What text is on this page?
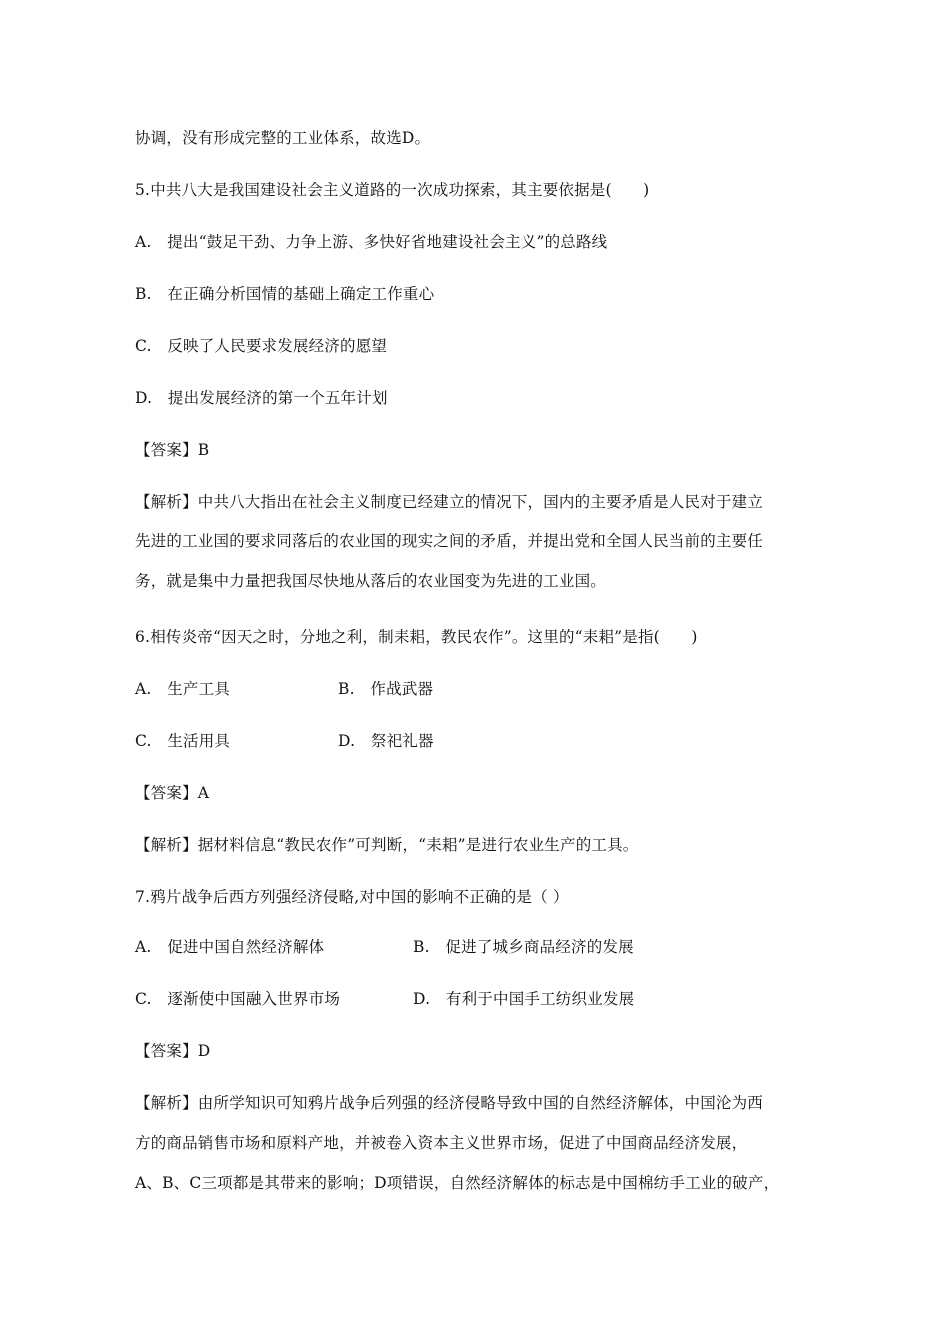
协调，没有形成完整的工业体系，故选D。
5.中共八大是我国建设社会主义道路的一次成功探索，其主要依据是(　　)
A.　提出“鼓足干劲、力争上游、多快好省地建设社会主义”的总路线
B.　在正确分析国情的基础上确定工作重心
C.　反映了人民要求发展经济的愿望
D.　提出发展经济的第一个五年计划
【答案】B
【解析】中共八大指出在社会主义制度已经建立的情况下，国内的主要矛盾是人民对于建立
先进的工业国的要求同落后的农业国的现实之间的矛盾，并提出党和全国人民当前的主要任
务，就是集中力量把我国尽快地从落后的农业国变为先进的工业国。
6.相传炎帝“因天之时，分地之利，制耒耜，教民农作”。这里的“耒耜”是指(　　)
A.　生产工具	B.　作战武器
C.　生活用具	D.　祭祀礼器
【答案】A
【解析】据材料信息“教民农作”可判断，“耒耜”是进行农业生产的工具。
7.鸦片战争后西方列强经济侵略,对中国的影响不正确的是（ ）
A.　促进中国自然经济解体	B.　促进了城乡商品经济的发展
C.　逐渐使中国融入世界市场	D.　有利于中国手工纺织业发展
【答案】D
【解析】由所学知识可知鸦片战争后列强的经济侵略导致中国的自然经济解体，中国沦为西
方的商品销售市场和原料产地，并被卷入资本主义世界市场，促进了中国商品经济发展，
A、B、C三项都是其带来的影响；D项错误，自然经济解体的标志是中国棉纺手工业的破产，
